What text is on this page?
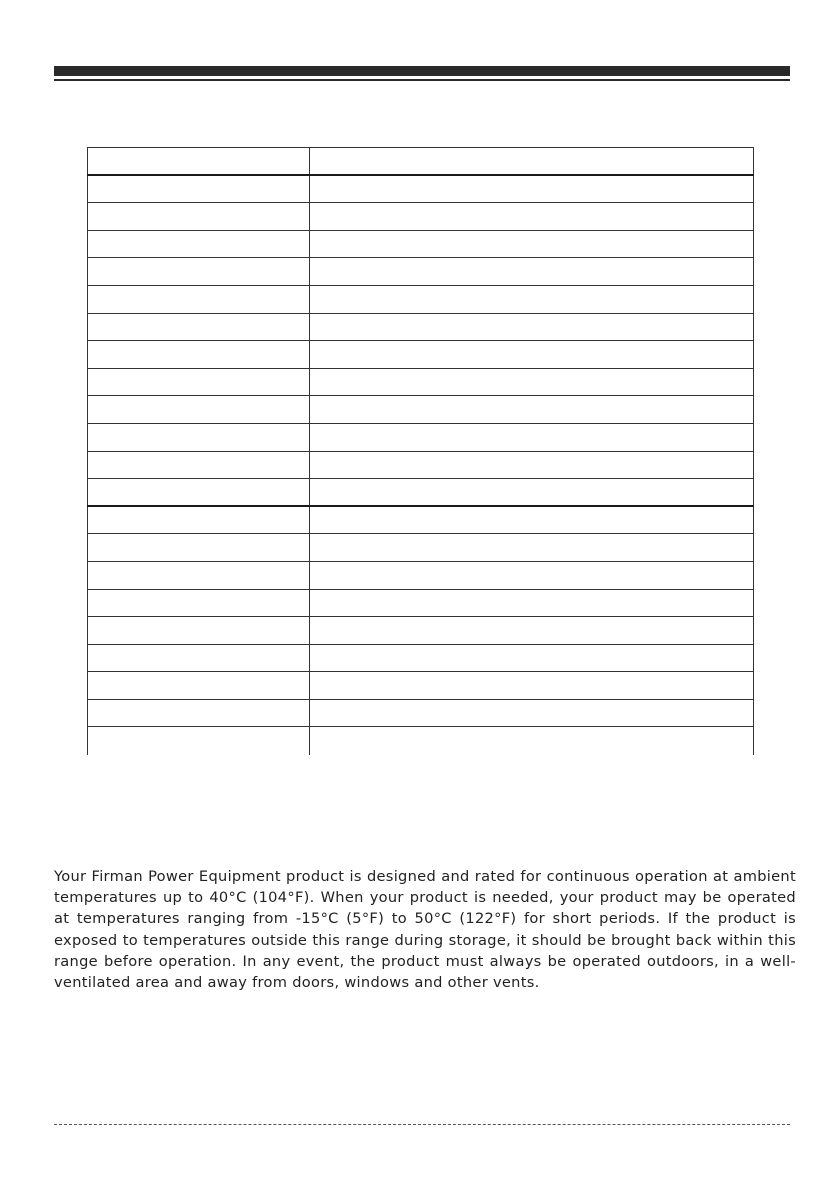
Your Firman Power Equipment product is designed and rated for continuous operation at ambient temperatures up to 40°C (104°F). When your product is needed, your product may be operated at temperatures ranging from -15°C (5°F) to 50°C (122°F) for short periods. If the product is exposed to temperatures outside this range during storage, it should be brought back within this range before operation. In any event, the product must always be operated outdoors, in a well-ventilated area and away from doors, windows and other vents.
